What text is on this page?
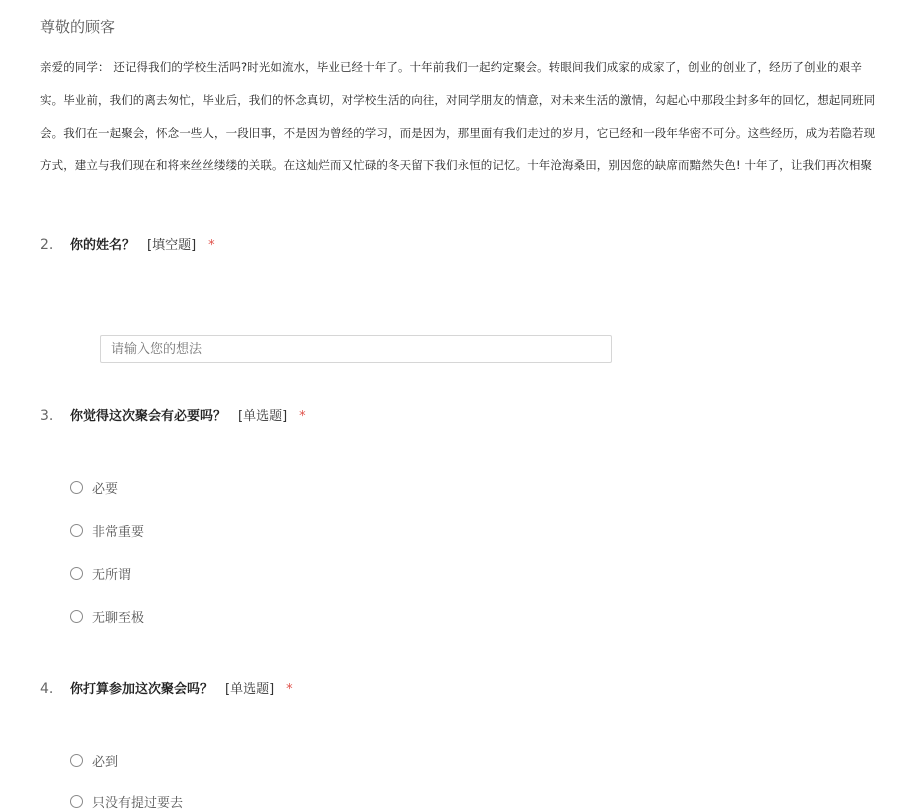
尊敬的顾客
亲爱的同学： 还记得我们的学校生活吗?时光如流水，毕业已经十年了。十年前我们一起约定聚会。转眼间我们成家的成家了，创业的创业了，经历了创业的艰辛
实。毕业前，我们的离去匆忙，毕业后，我们的怀念真切，对学校生活的向往，对同学朋友的情意，对未来生活的激情，勾起心中那段尘封多年的回忆，想起同班同
会。我们在一起聚会，怀念一些人，一段旧事，不是因为曾经的学习，而是因为，那里面有我们走过的岁月，它已经和一段年华密不可分。这些经历，成为若隐若现
方式，建立与我们现在和将来丝丝缕缕的关联。在这灿烂而又忙碌的冬天留下我们永恒的记忆。十年沧海桑田，别因您的缺席而黯然失色! 十年了，让我们再次相聚
2. 你的姓名？ [填空题] *
请输入您的想法
3. 你觉得这次聚会有必要吗？ [单选题] *
必要
非常重要
无所谓
无聊至极
4. 你打算参加这次聚会吗？ [单选题] *
必到
只没有提过要去
